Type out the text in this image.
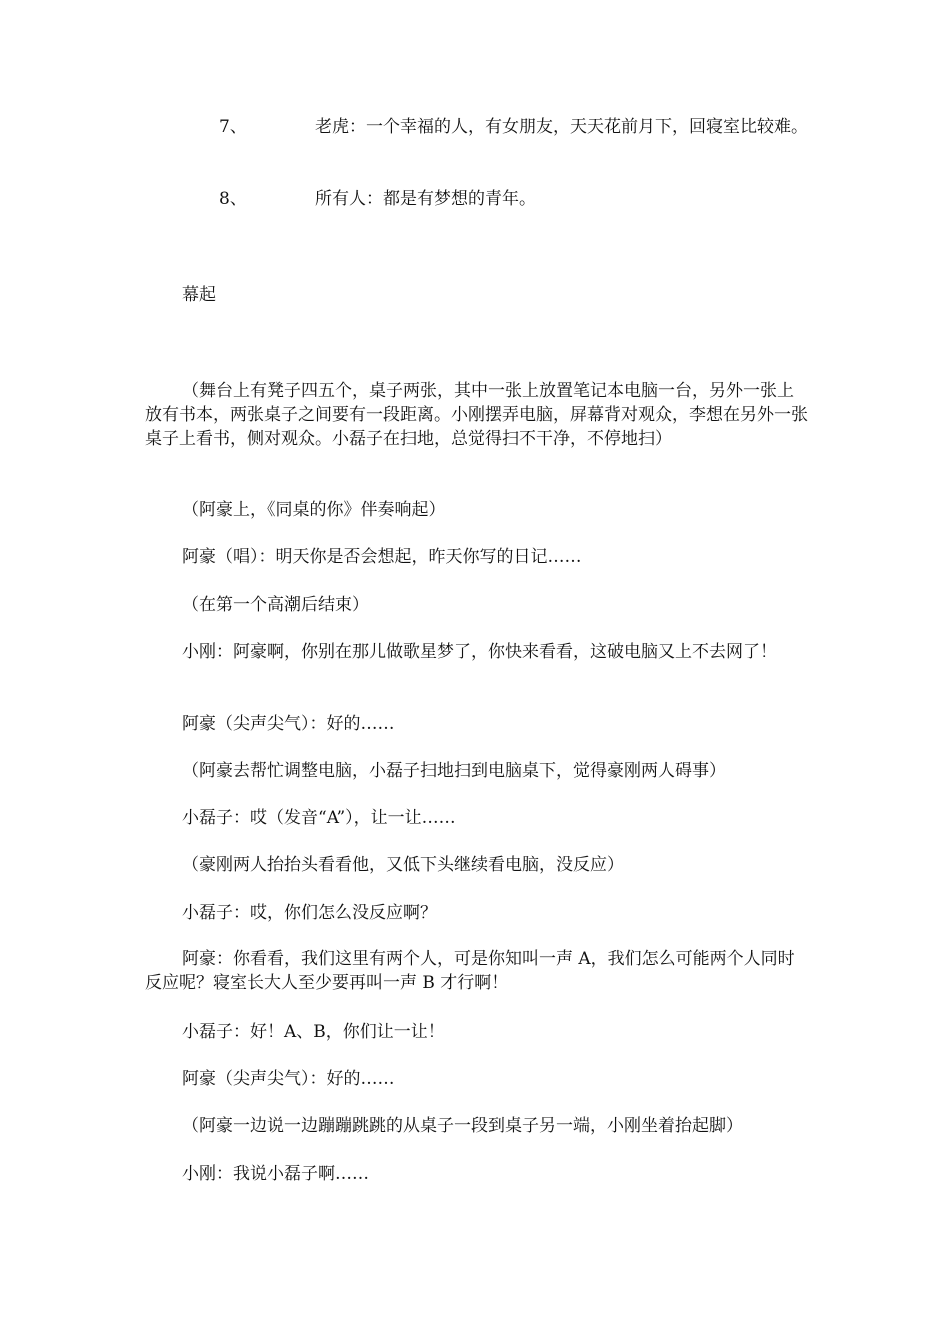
7、	老虎：一个幸福的人，有女朋友，天天花前月下，回寝室比较难。

8、	所有人：都是有梦想的青年。

幕起

（舞台上有凳子四五个，桌子两张，其中一张上放置笔记本电脑一台，另外一张上放有书本，两张桌子之间要有一段距离。小刚摆弄电脑，屏幕背对观众，李想在另外一张桌子上看书，侧对观众。小磊子在扫地，总觉得扫不干净，不停地扫）

（阿豪上，《同桌的你》伴奏响起）

阿豪（唱）：明天你是否会想起，昨天你写的日记……

（在第一个高潮后结束）

小刚：阿豪啊，你别在那儿做歌星梦了，你快来看看，这破电脑又上不去网了！

阿豪（尖声尖气）：好的……

（阿豪去帮忙调整电脑，小磊子扫地扫到电脑桌下，觉得豪刚两人碍事）

小磊子：哎（发音“A”），让一让……

（豪刚两人抬抬头看看他，又低下头继续看电脑，没反应）

小磊子：哎，你们怎么没反应啊？

阿豪：你看看，我们这里有两个人，可是你知叫一声 A，我们怎么可能两个人同时反应呢？寝室长大人至少要再叫一声 B 才行啊！

小磊子：好！A、B，你们让一让！

阿豪（尖声尖气）：好的……

（阿豪一边说一边蹦蹦跳跳的从桌子一段到桌子另一端，小刚坐着抬起脚）

小刚：我说小磊子啊……
